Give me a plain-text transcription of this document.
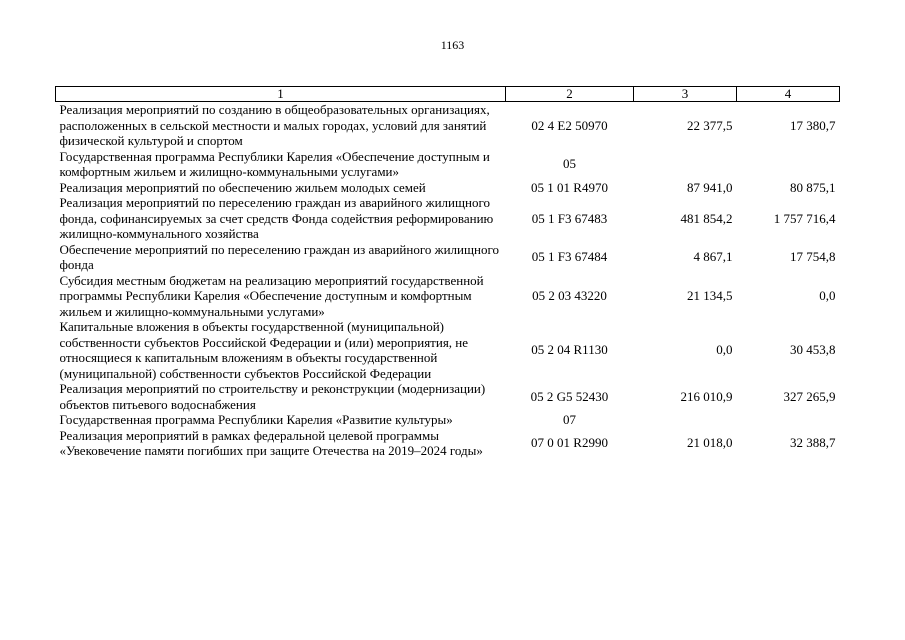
1163
1	2	3	4
Реализация мероприятий по созданию в общеобразовательных организациях, расположенных в сельской местности и малых городах, условий для занятий физической культурой и спортом	02 4 E2 50970	22 377,5	17 380,7
Государственная программа Республики Карелия «Обеспечение доступным и комфортным жильем и жилищно-коммунальными услугами»	05		
Реализация мероприятий по обеспечению жильем молодых семей	05 1 01 R4970	87 941,0	80 875,1
Реализация мероприятий по переселению граждан из аварийного жилищного фонда, софинансируемых за счет средств Фонда содействия реформированию жилищно-коммунального хозяйства	05 1 F3 67483	481 854,2	1 757 716,4
Обеспечение мероприятий по переселению граждан из аварийного жилищного фонда	05 1 F3 67484	4 867,1	17 754,8
Субсидия местным бюджетам на реализацию мероприятий государственной программы Республики Карелия «Обеспечение доступным и комфортным жильем и жилищно-коммунальными услугами»	05 2 03 43220	21 134,5	0,0
Капитальные вложения в объекты государственной (муниципальной) собственности субъектов Российской Федерации и (или) мероприятия, не относящиеся к капитальным вложениям в объекты государственной (муниципальной) собственности субъектов Российской Федерации	05 2 04 R1130	0,0	30 453,8
Реализация мероприятий по строительству и реконструкции (модернизации) объектов питьевого водоснабжения	05 2 G5 52430	216 010,9	327 265,9
Государственная программа Республики Карелия «Развитие культуры»	07		
Реализация мероприятий в рамках федеральной целевой программы «Увековечение памяти погибших при защите Отечества на 2019–2024 годы»	07 0 01 R2990	21 018,0	32 388,7
